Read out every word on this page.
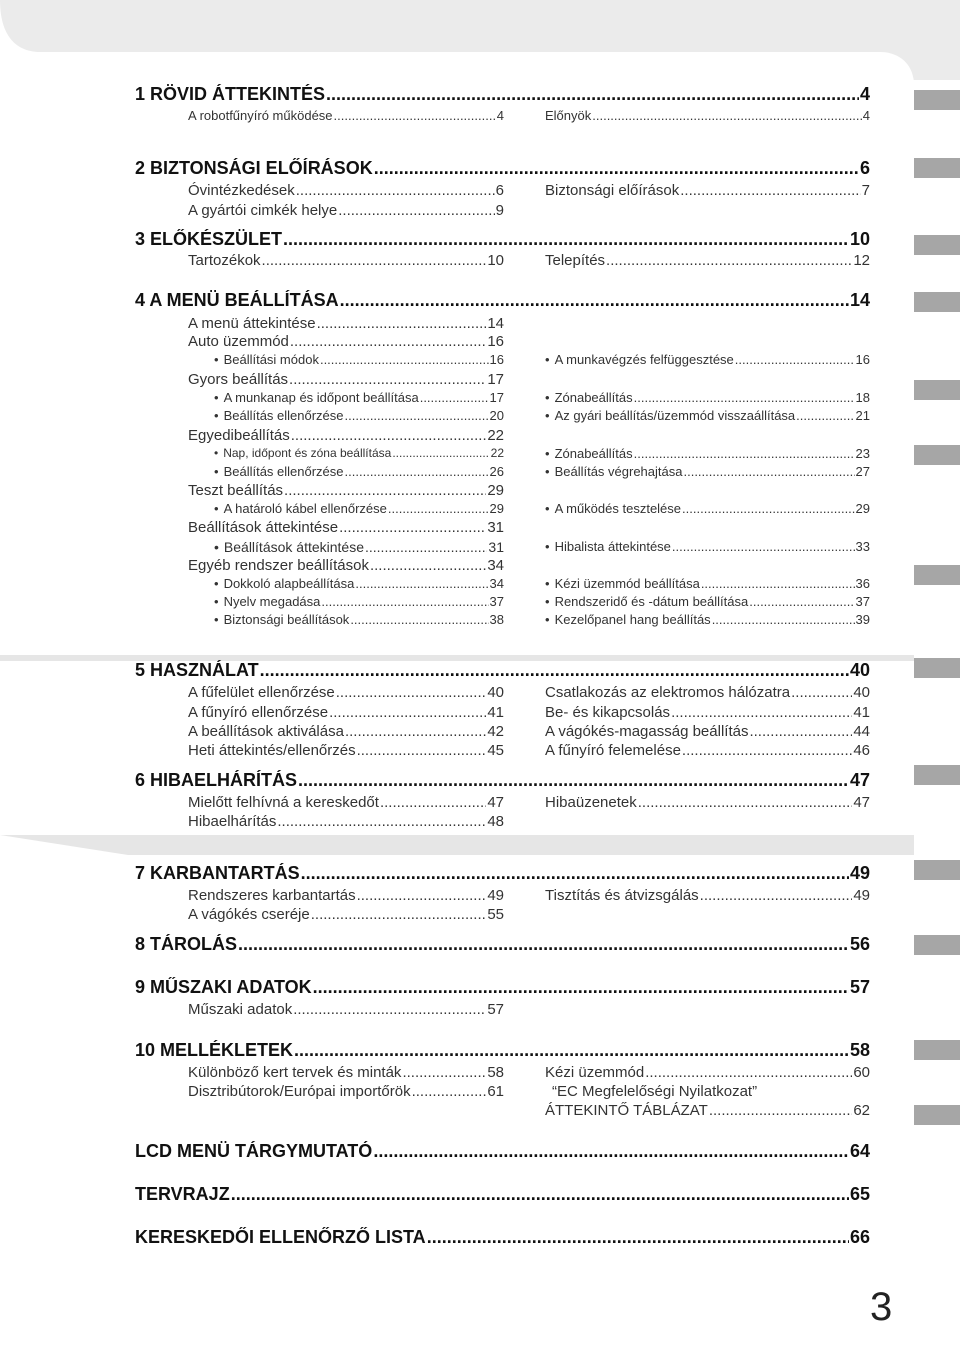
1 RÖVID ÁTTEKINTÉS .....	4
A robotfűnyíró működése .....	4	Előnyök .....	4
2 BIZTONSÁGI ELŐÍRÁSOK .....	6
Óvintézkedések .....	6	Biztonsági előírások .....	7
A gyártói cimkék helye .....	9
3 ELŐKÉSZÜLET .....	10
Tartozékok .....	10	Telepítés .....	12
4 A MENÜ BEÁLLÍTÁSA .....	14
A menü áttekintése .....	14
Auto üzemmód .....	16
• Beállítási módok .....	16	• A munkavégzés felfüggesztése .....	16
Gyors beállítás .....	17
• A munkanap és időpont beállítása .....	17	• Zónabeállítás .....	18
• Beállítás ellenőrzése .....	20	• Az gyári beállítás/üzemmód visszaállítása .....	21
Egyedibeállítás .....	22
• Nap, időpont és zóna beállítása .....	22	• Zónabeállítás .....	23
• Beállítás ellenőrzése .....	26	• Beállítás végrehajtása .....	27
Teszt beállítás .....	29
• A határoló kábel ellenőrzése .....	29	• A működés tesztelése .....	29
Beállítások áttekintése .....	31
• Beállítások áttekintése .....	31	• Hibalista áttekintése .....	33
Egyéb rendszer beállítások .....	34
• Dokkoló alapbeállítása .....	34	• Kézi üzemmód beállítása .....	36
• Nyelv megadása .....	37	• Rendszeridő és -dátum beállítása .....	37
• Biztonsági beállítások .....	38	• Kezelőpanel hang beállítás .....	39
5 HASZNÁLAT .....	40
A fűfelület ellenőrzése .....	40	Csatlakozás az elektromos hálózatra .....	40
A fűnyíró ellenőrzése .....	41	Be- és kikapcsolás .....	41
A beállítások aktiválása .....	42	A vágókés-magasság beállítás .....	44
Heti áttekintés/ellenőrzés .....	45	A fűnyíró felemelése .....	46
6 HIBAELHÁRÍTÁS .....	47
Mielőtt felhívná a kereskedőt .....	47	Hibaüzenetek .....	47
Hibaelhárítás .....	48
7 KARBANTARTÁS .....	49
Rendszeres karbantartás .....	49	Tisztítás és átvizsgálás .....	49
A vágókés cseréje .....	55
8 TÁROLÁS .....	56
9 MŰSZAKI ADATOK .....	57
Műszaki adatok .....	57
10 MELLÉKLETEK .....	58
Különböző kert tervek és minták .....	58	Kézi üzemmód .....	60
Disztribútorok/Európai importőrök .....	61	“EC Megfelelőségi Nyilatkozat”
ÁTTEKINTŐ TÁBLÁZAT .....	62
LCD MENÜ TÁRGYMUTATÓ .....	64
TERVRAJZ .....	65
KERESKEDŐI ELLENŐRZŐ LISTA .....	66
3
